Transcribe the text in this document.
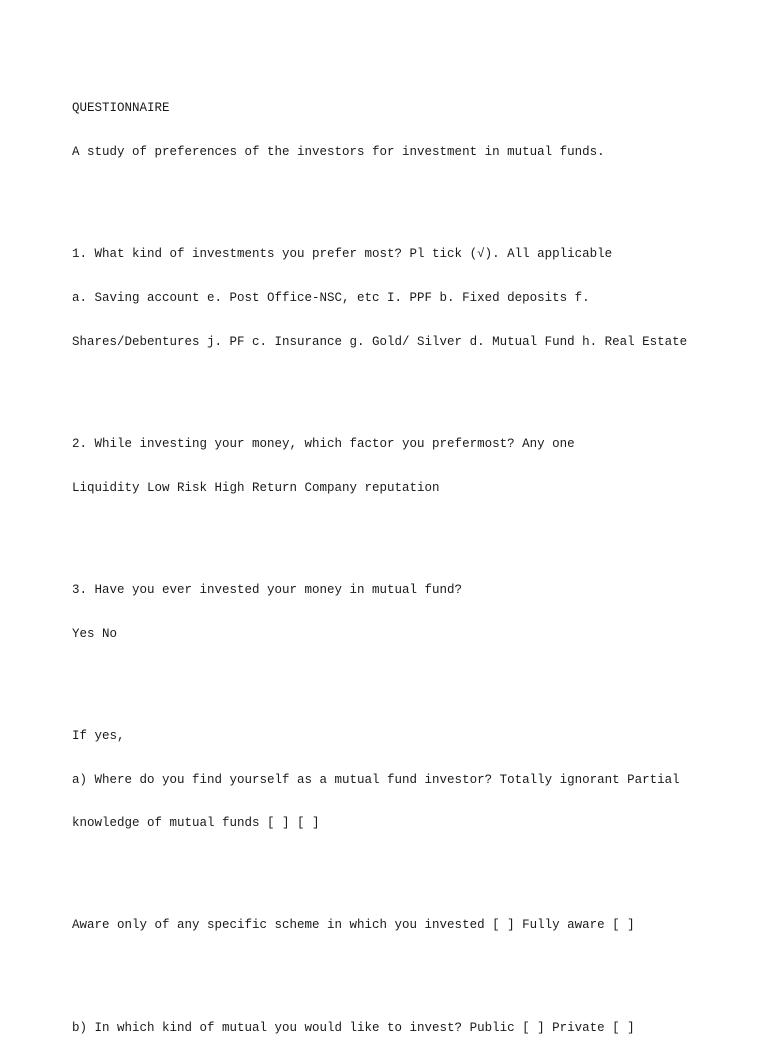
QUESTIONNAIRE

A study of preferences of the investors for investment in mutual funds.

1. What kind of investments you prefer most? Pl tick (√). All applicable

a. Saving account e. Post Office-NSC, etc I. PPF b. Fixed deposits f.

Shares/Debentures j. PF c. Insurance g. Gold/ Silver d. Mutual Fund h. Real Estate

2. While investing your money, which factor you prefermost? Any one

Liquidity Low Risk High Return Company reputation

3. Have you ever invested your money in mutual fund?

Yes No

If yes,

a) Where do you find yourself as a mutual fund investor? Totally ignorant Partial

knowledge of mutual funds [ ] [ ]

Aware only of any specific scheme in which you invested [ ] Fully aware [ ]

b) In which kind of mutual you would like to invest? Public [ ] Private [ ]
